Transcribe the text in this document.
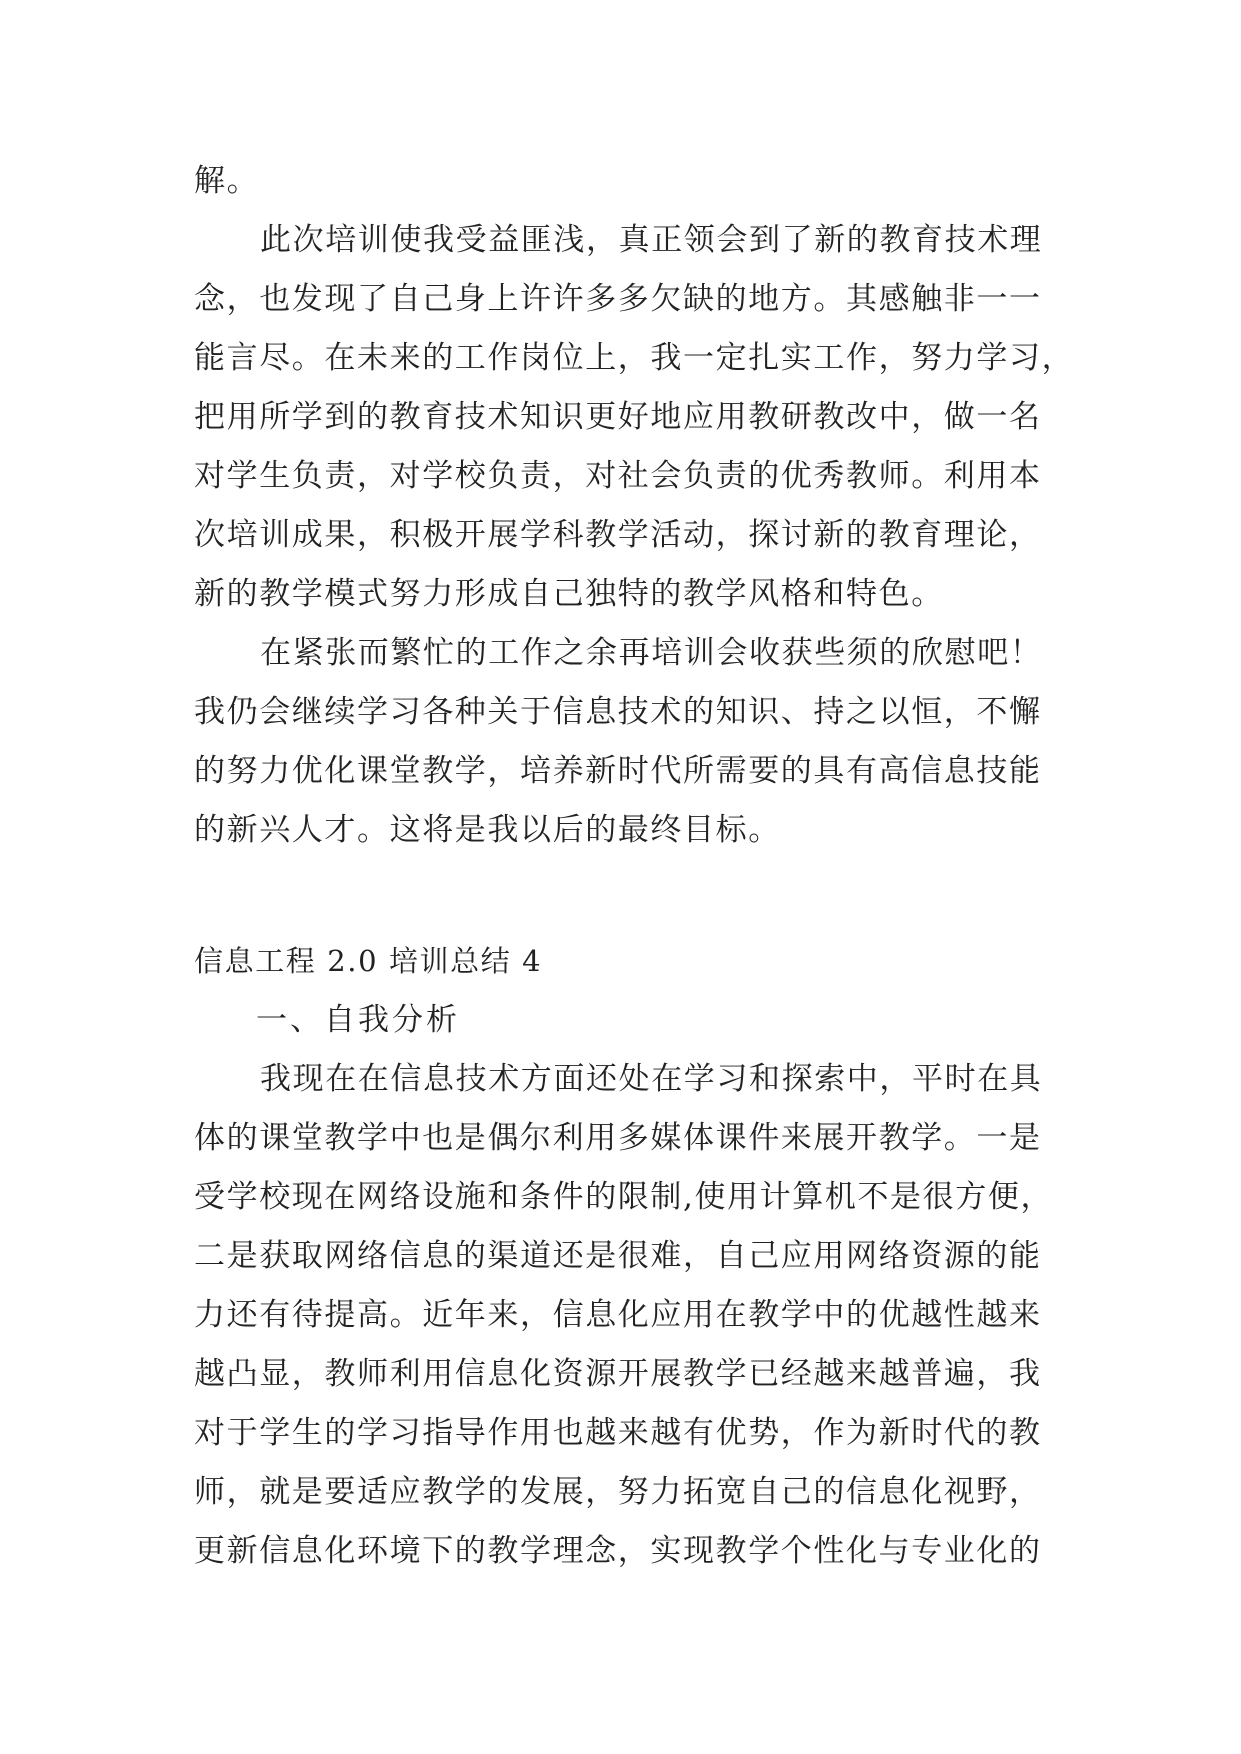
解。
此次培训使我受益匪浅，真正领会到了新的教育技术理
念，也发现了自己身上许许多多欠缺的地方。其感触非一一
能言尽。在未来的工作岗位上，我一定扎实工作，努力学习，
把用所学到的教育技术知识更好地应用教研教改中，做一名
对学生负责，对学校负责，对社会负责的优秀教师。利用本
次培训成果，积极开展学科教学活动，探讨新的教育理论，
新的教学模式努力形成自己独特的教学风格和特色。
在紧张而繁忙的工作之余再培训会收获些须的欣慰吧！
我仍会继续学习各种关于信息技术的知识、持之以恒，不懈
的努力优化课堂教学，培养新时代所需要的具有高信息技能
的新兴人才。这将是我以后的最终目标。
信息工程 2.0 培训总结 4
一、自我分析
我现在在信息技术方面还处在学习和探索中，平时在具
体的课堂教学中也是偶尔利用多媒体课件来展开教学。一是
受学校现在网络设施和条件的限制,使用计算机不是很方便，
二是获取网络信息的渠道还是很难，自己应用网络资源的能
力还有待提高。近年来，信息化应用在教学中的优越性越来
越凸显，教师利用信息化资源开展教学已经越来越普遍，我
对于学生的学习指导作用也越来越有优势，作为新时代的教
师，就是要适应教学的发展，努力拓宽自己的信息化视野，
更新信息化环境下的教学理念，实现教学个性化与专业化的
